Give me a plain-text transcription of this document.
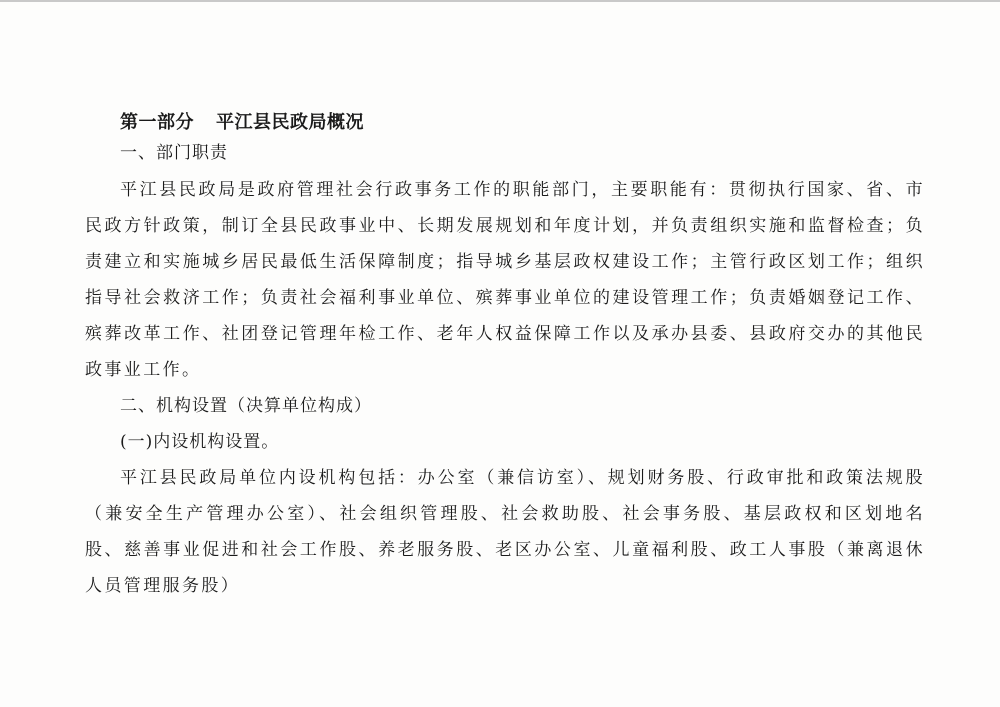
第一部分 平江县民政局概况
一、部门职责

平江县民政局是政府管理社会行政事务工作的职能部门，主要职能有：贯彻执行国家、省、市民政方针政策，制订全县民政事业中、长期发展规划和年度计划，并负责组织实施和监督检查；负责建立和实施城乡居民最低生活保障制度；指导城乡基层政权建设工作；主管行政区划工作；组织指导社会救济工作；负责社会福利事业单位、殡葬事业单位的建设管理工作；负责婚姻登记工作、殡葬改革工作、社团登记管理年检工作、老年人权益保障工作以及承办县委、县政府交办的其他民政事业工作。

二、机构设置（决算单位构成）
(一)内设机构设置。

平江县民政局单位内设机构包括：办公室（兼信访室）、规划财务股、行政审批和政策法规股（兼安全生产管理办公室）、社会组织管理股、社会救助股、社会事务股、基层政权和区划地名股、慈善事业促进和社会工作股、养老服务股、老区办公室、儿童福利股、政工人事股（兼离退休人员管理服务股）
